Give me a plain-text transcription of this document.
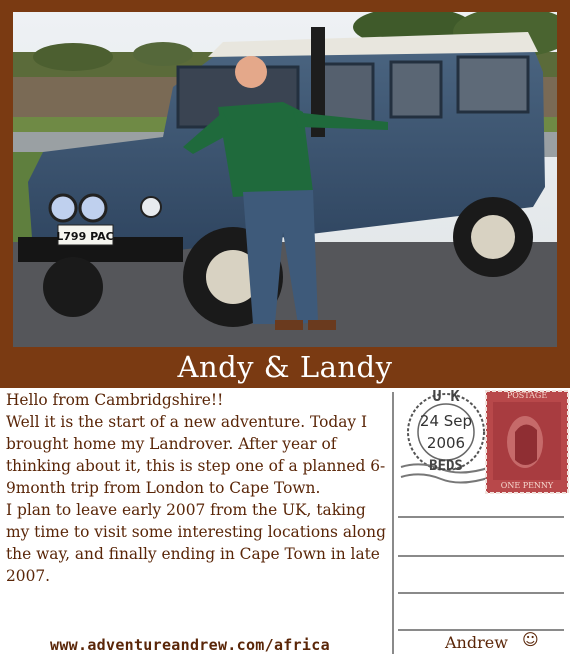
L799 PAC
Andy & Landy

Hello from Cambridgshire!!

Well it is the start of a new adventure. Today I brought home my Landrover. After year of thinking about it, this is step one of a planned 6-9month trip from London to Cape Town.

I plan to leave early 2007 from the UK, taking my time to visit some interesting locations along the way, and finally ending in Cape Town in late 2007.

www.adventureandrew.com/africa
U K
24 Sep
2006
BEDS
POSTAGE
ONE PENNY
Andrew ☺
